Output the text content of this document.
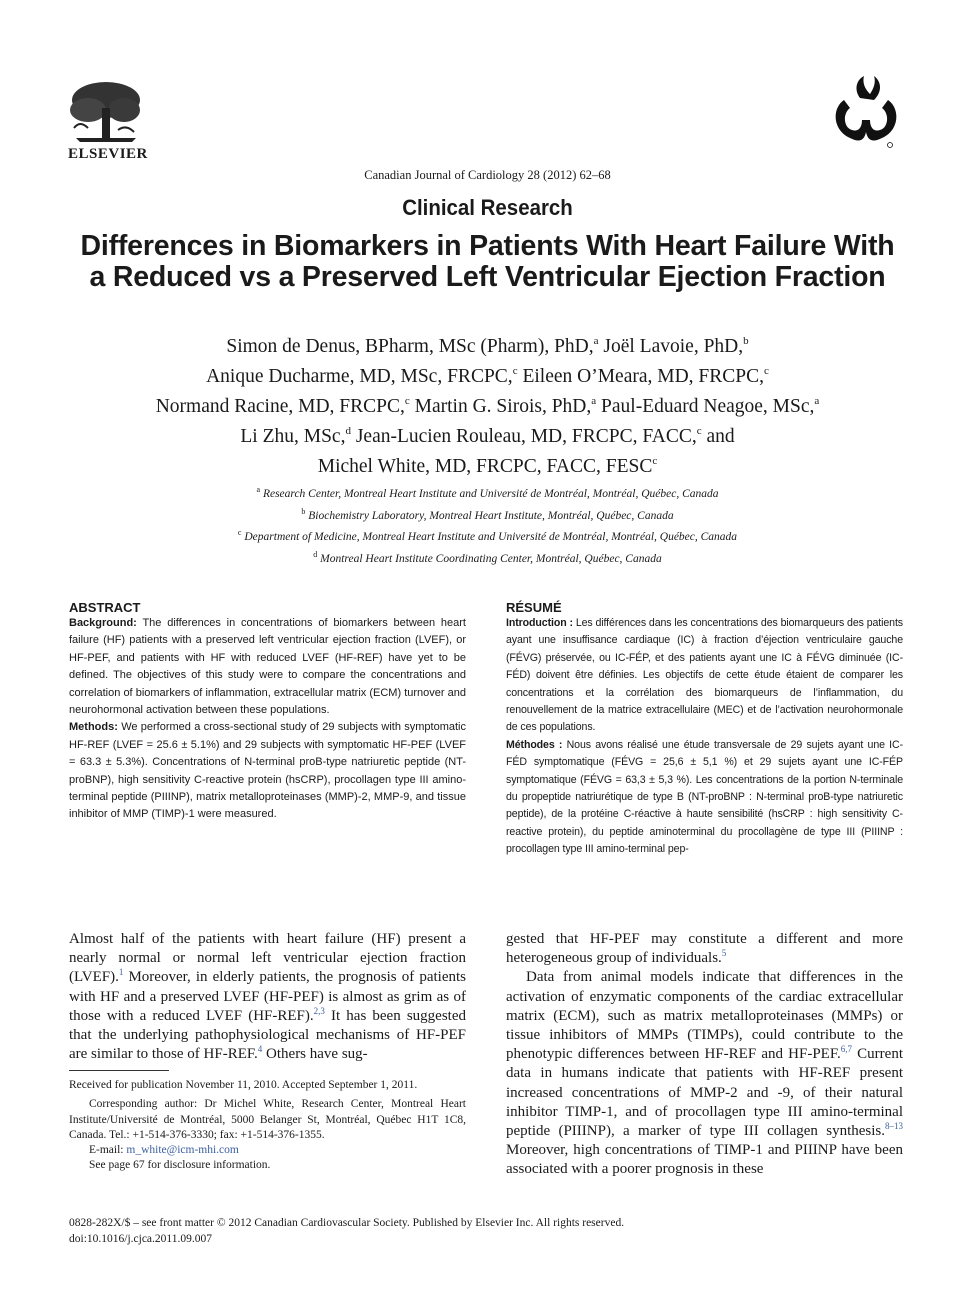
ELSEVIER
Canadian Journal of Cardiology 28 (2012) 62–68
Clinical Research
Differences in Biomarkers in Patients With Heart Failure With a Reduced vs a Preserved Left Ventricular Ejection Fraction
Simon de Denus, BPharm, MSc (Pharm), PhD,$^a$ Joël Lavoie, PhD,$^b$
Anique Ducharme, MD, MSc, FRCPC,$^c$ Eileen O’Meara, MD, FRCPC,$^c$
Normand Racine, MD, FRCPC,$^c$ Martin G. Sirois, PhD,$^a$ Paul-Eduard Neagoe, MSc,$^a$
Li Zhu, MSc,$^d$ Jean-Lucien Rouleau, MD, FRCPC, FACC,$^c$ and
Michel White, MD, FRCPC, FACC, FESC$^c$
$^a$ Research Center, Montreal Heart Institute and Université de Montréal, Montréal, Québec, Canada
$^b$ Biochemistry Laboratory, Montreal Heart Institute, Montréal, Québec, Canada
$^c$ Department of Medicine, Montreal Heart Institute and Université de Montréal, Montréal, Québec, Canada
$^d$ Montreal Heart Institute Coordinating Center, Montréal, Québec, Canada
ABSTRACT
Background: The differences in concentrations of biomarkers between heart failure (HF) patients with a preserved left ventricular ejection fraction (LVEF), or HF-PEF, and patients with HF with reduced LVEF (HF-REF) have yet to be defined. The objectives of this study were to compare the concentrations and correlation of biomarkers of inflammation, extracellular matrix (ECM) turnover and neurohormonal activation between these populations.
Methods: We performed a cross-sectional study of 29 subjects with symptomatic HF-REF (LVEF = 25.6 ± 5.1%) and 29 subjects with symptomatic HF-PEF (LVEF = 63.3 ± 5.3%). Concentrations of N-terminal proB-type natriuretic peptide (NT-proBNP), high sensitivity C-reactive protein (hsCRP), procollagen type III amino-terminal peptide (PIIINP), matrix metalloproteinases (MMP)-2, MMP-9, and tissue inhibitor of MMP (TIMP)-1 were measured.
RÉSUMÉ
Introduction : Les différences dans les concentrations des biomarqueurs des patients ayant une insuffisance cardiaque (IC) à fraction d’éjection ventriculaire gauche (FÉVG) préservée, ou IC-FÉP, et des patients ayant une IC à FÉVG diminuée (IC-FÉD) doivent être définies. Les objectifs de cette étude étaient de comparer les concentrations et la corrélation des biomarqueurs de l’inflammation, du renouvellement de la matrice extracellulaire (MEC) et de l’activation neurohormonale de ces populations.
Méthodes : Nous avons réalisé une étude transversale de 29 sujets ayant une IC-FÉD symptomatique (FÉVG = 25,6 ± 5,1 %) et 29 sujets ayant une IC-FÉP symptomatique (FÉVG = 63,3 ± 5,3 %). Les concentrations de la portion N-terminale du propeptide natriurétique de type B (NT-proBNP : N-terminal proB-type natriuretic peptide), de la protéine C-réactive à haute sensibilité (hsCRP : high sensitivity C-reactive protein), du peptide aminoterminal du procollagène de type III (PIIINP : procollagen type III amino-terminal pep-
Almost half of the patients with heart failure (HF) present a nearly normal or normal left ventricular ejection fraction (LVEF).$^1$ Moreover, in elderly patients, the prognosis of patients with HF and a preserved LVEF (HF-PEF) is almost as grim as of those with a reduced LVEF (HF-REF).$^{2,3}$ It has been suggested that the underlying pathophysiological mechanisms of HF-PEF are similar to those of HF-REF.$^4$ Others have sug-

Received for publication November 11, 2010. Accepted September 1, 2011.

Corresponding author: Dr Michel White, Research Center, Montreal Heart Institute/Université de Montréal, 5000 Belanger St, Montréal, Québec H1T 1C8, Canada. Tel.: +1-514-376-3330; fax: +1-514-376-1355.

E-mail: m_white@icm-mhi.com

See page 67 for disclosure information.

gested that HF-PEF may constitute a different and more heterogeneous group of individuals.$^5$

Data from animal models indicate that differences in the activation of enzymatic components of the cardiac extracellular matrix (ECM), such as matrix metalloproteinases (MMPs) or tissue inhibitors of MMPs (TIMPs), could contribute to the phenotypic differences between HF-REF and HF-PEF.$^{6,7}$ Current data in humans indicate that patients with HF-REF present increased concentrations of MMP-2 and -9, of their natural inhibitor TIMP-1, and of procollagen type III amino-terminal peptide (PIIINP), a marker of type III collagen synthesis.$^{8-13}$ Moreover, high concentrations of TIMP-1 and PIIINP have been associated with a poorer prognosis in these

0828-282X/$ – see front matter © 2012 Canadian Cardiovascular Society. Published by Elsevier Inc. All rights reserved.
doi:10.1016/j.cjca.2011.09.007
